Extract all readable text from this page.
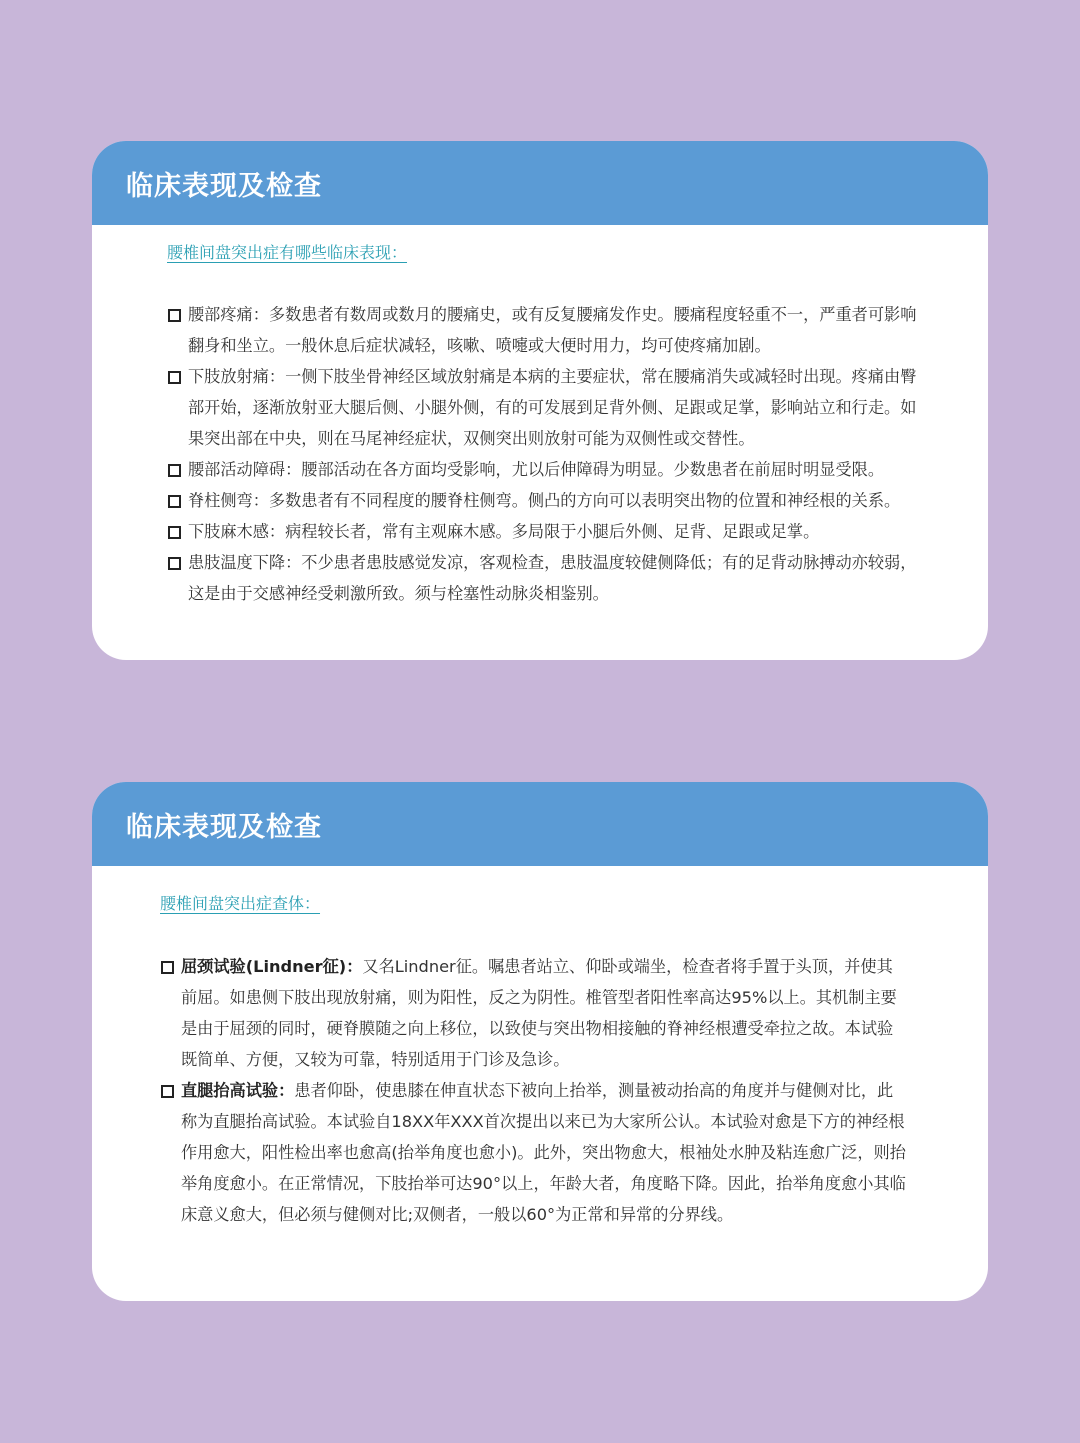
临床表现及检查
腰椎间盘突出症有哪些临床表现：
腰部疼痛：多数患者有数周或数月的腰痛史，或有反复腰痛发作史。腰痛程度轻重不一，严重者可影响翻身和坐立。一般休息后症状减轻，咳嗽、喷嚏或大便时用力，均可使疼痛加剧。
下肢放射痛：一侧下肢坐骨神经区域放射痛是本病的主要症状，常在腰痛消失或减轻时出现。疼痛由臀部开始，逐渐放射亚大腿后侧、小腿外侧，有的可发展到足背外侧、足跟或足掌，影响站立和行走。如果突出部在中央，则在马尾神经症状，双侧突出则放射可能为双侧性或交替性。
腰部活动障碍：腰部活动在各方面均受影响，尤以后伸障碍为明显。少数患者在前屈时明显受限。
脊柱侧弯：多数患者有不同程度的腰脊柱侧弯。侧凸的方向可以表明突出物的位置和神经根的关系。
下肢麻木感：病程较长者，常有主观麻木感。多局限于小腿后外侧、足背、足跟或足掌。
患肢温度下降：不少患者患肢感觉发凉，客观检查，患肢温度较健侧降低；有的足背动脉搏动亦较弱，这是由于交感神经受刺激所致。须与栓塞性动脉炎相鉴别。
临床表现及检查
腰椎间盘突出症查体：
屈颈试验(Lindner征)：又名Lindner征。嘱患者站立、仰卧或端坐，检查者将手置于头顶，并使其前屈。如患侧下肢出现放射痛，则为阳性，反之为阴性。椎管型者阳性率高达95%以上。其机制主要是由于屈颈的同时，硬脊膜随之向上移位，以致使与突出物相接触的脊神经根遭受牵拉之故。本试验既简单、方便，又较为可靠，特别适用于门诊及急诊。
直腿抬高试验：患者仰卧，使患膝在伸直状态下被向上抬举，测量被动抬高的角度并与健侧对比，此称为直腿抬高试验。本试验自18XX年XXX首次提出以来已为大家所公认。本试验对愈是下方的神经根作用愈大，阳性检出率也愈高(抬举角度也愈小)。此外，突出物愈大，根袖处水肿及粘连愈广泛，则抬举角度愈小。在正常情况，下肢抬举可达90°以上，年龄大者，角度略下降。因此，抬举角度愈小其临床意义愈大，但必须与健侧对比;双侧者，一般以60°为正常和异常的分界线。
